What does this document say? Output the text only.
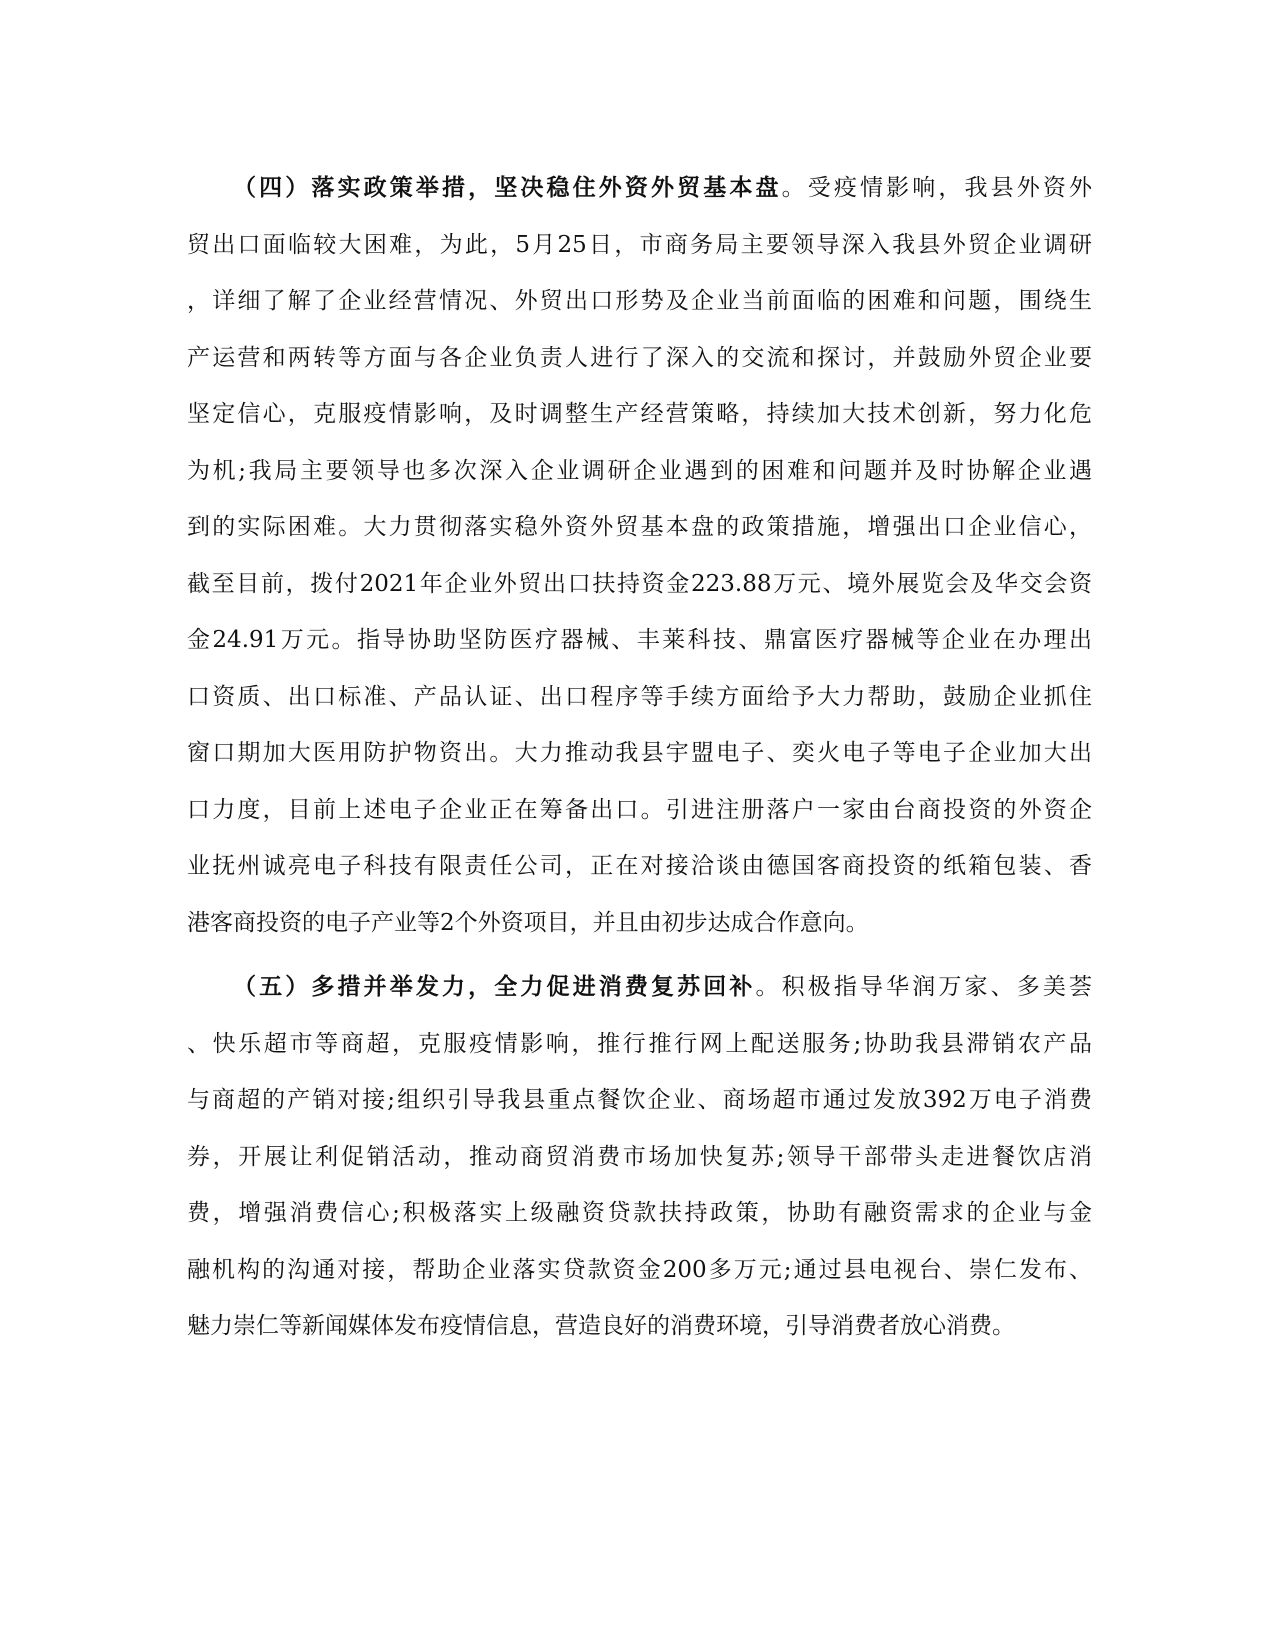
（四）落实政策举措，坚决稳住外资外贸基本盘。受疫情影响，我县外资外
贸出口面临较大困难，为此，5月25日，市商务局主要领导深入我县外贸企业调研
，详细了解了企业经营情况、外贸出口形势及企业当前面临的困难和问题，围绕生
产运营和两转等方面与各企业负责人进行了深入的交流和探讨，并鼓励外贸企业要
坚定信心，克服疫情影响，及时调整生产经营策略，持续加大技术创新，努力化危
为机;我局主要领导也多次深入企业调研企业遇到的困难和问题并及时协解企业遇
到的实际困难。大力贯彻落实稳外资外贸基本盘的政策措施，增强出口企业信心，
截至目前，拨付2021年企业外贸出口扶持资金223.88万元、境外展览会及华交会资
金24.91万元。指导协助坚防医疗器械、丰莱科技、鼎富医疗器械等企业在办理出
口资质、出口标准、产品认证、出口程序等手续方面给予大力帮助，鼓励企业抓住
窗口期加大医用防护物资出。大力推动我县宇盟电子、奕火电子等电子企业加大出
口力度，目前上述电子企业正在筹备出口。引进注册落户一家由台商投资的外资企
业抚州诚亮电子科技有限责任公司，正在对接洽谈由德国客商投资的纸箱包装、香
港客商投资的电子产业等2个外资项目，并且由初步达成合作意向。
（五）多措并举发力，全力促进消费复苏回补。积极指导华润万家、多美荟
、快乐超市等商超，克服疫情影响，推行推行网上配送服务;协助我县滞销农产品
与商超的产销对接;组织引导我县重点餐饮企业、商场超市通过发放392万电子消费
券，开展让利促销活动，推动商贸消费市场加快复苏;领导干部带头走进餐饮店消
费，增强消费信心;积极落实上级融资贷款扶持政策，协助有融资需求的企业与金
融机构的沟通对接，帮助企业落实贷款资金200多万元;通过县电视台、崇仁发布、
魅力崇仁等新闻媒体发布疫情信息，营造良好的消费环境，引导消费者放心消费。
